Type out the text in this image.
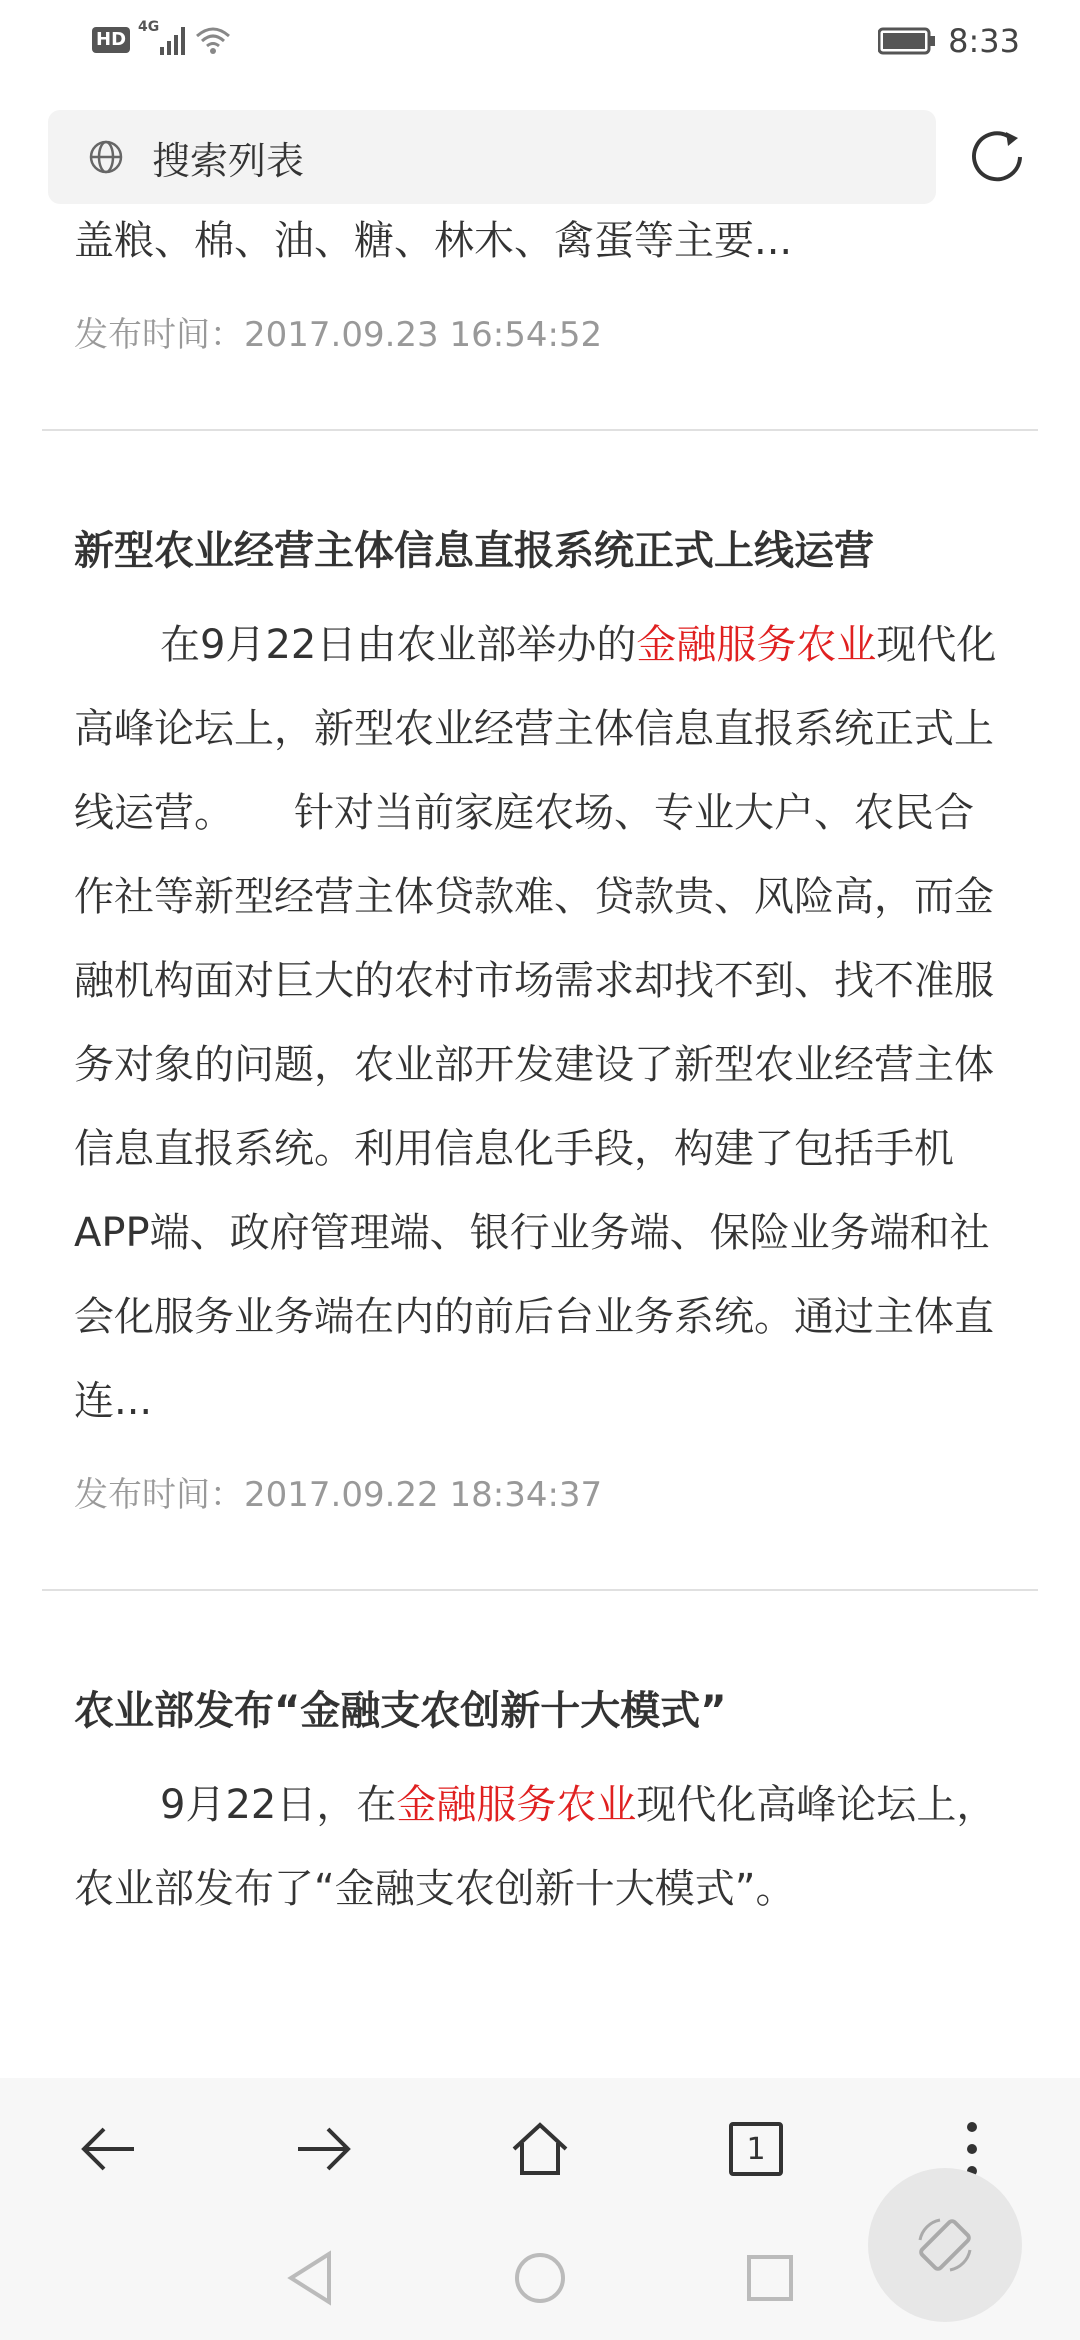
HD
4G	8:33
搜索列表

盖粮、棉、油、糖、林木、禽蛋等主要...

发布时间：2017.09.23 16:54:52
新型农业经营主体信息直报系统正式上线运营

在9月22日由农业部举办的金融服务农业现代化高峰论坛上，新型农业经营主体信息直报系统正式上线运营。　　针对当前家庭农场、专业大户、农民合作社等新型经营主体贷款难、贷款贵、风险高，而金融机构面对巨大的农村市场需求却找不到、找不准服务对象的问题，农业部开发建设了新型农业经营主体信息直报系统。利用信息化手段，构建了包括手机APP端、政府管理端、银行业务端、保险业务端和社会化服务业务端在内的前后台业务系统。通过主体直连...

发布时间：2017.09.22 18:34:37
农业部发布“金融支农创新十大模式”

9月22日，在金融服务农业现代化高峰论坛上，农业部发布了“金融支农创新十大模式”。

1
